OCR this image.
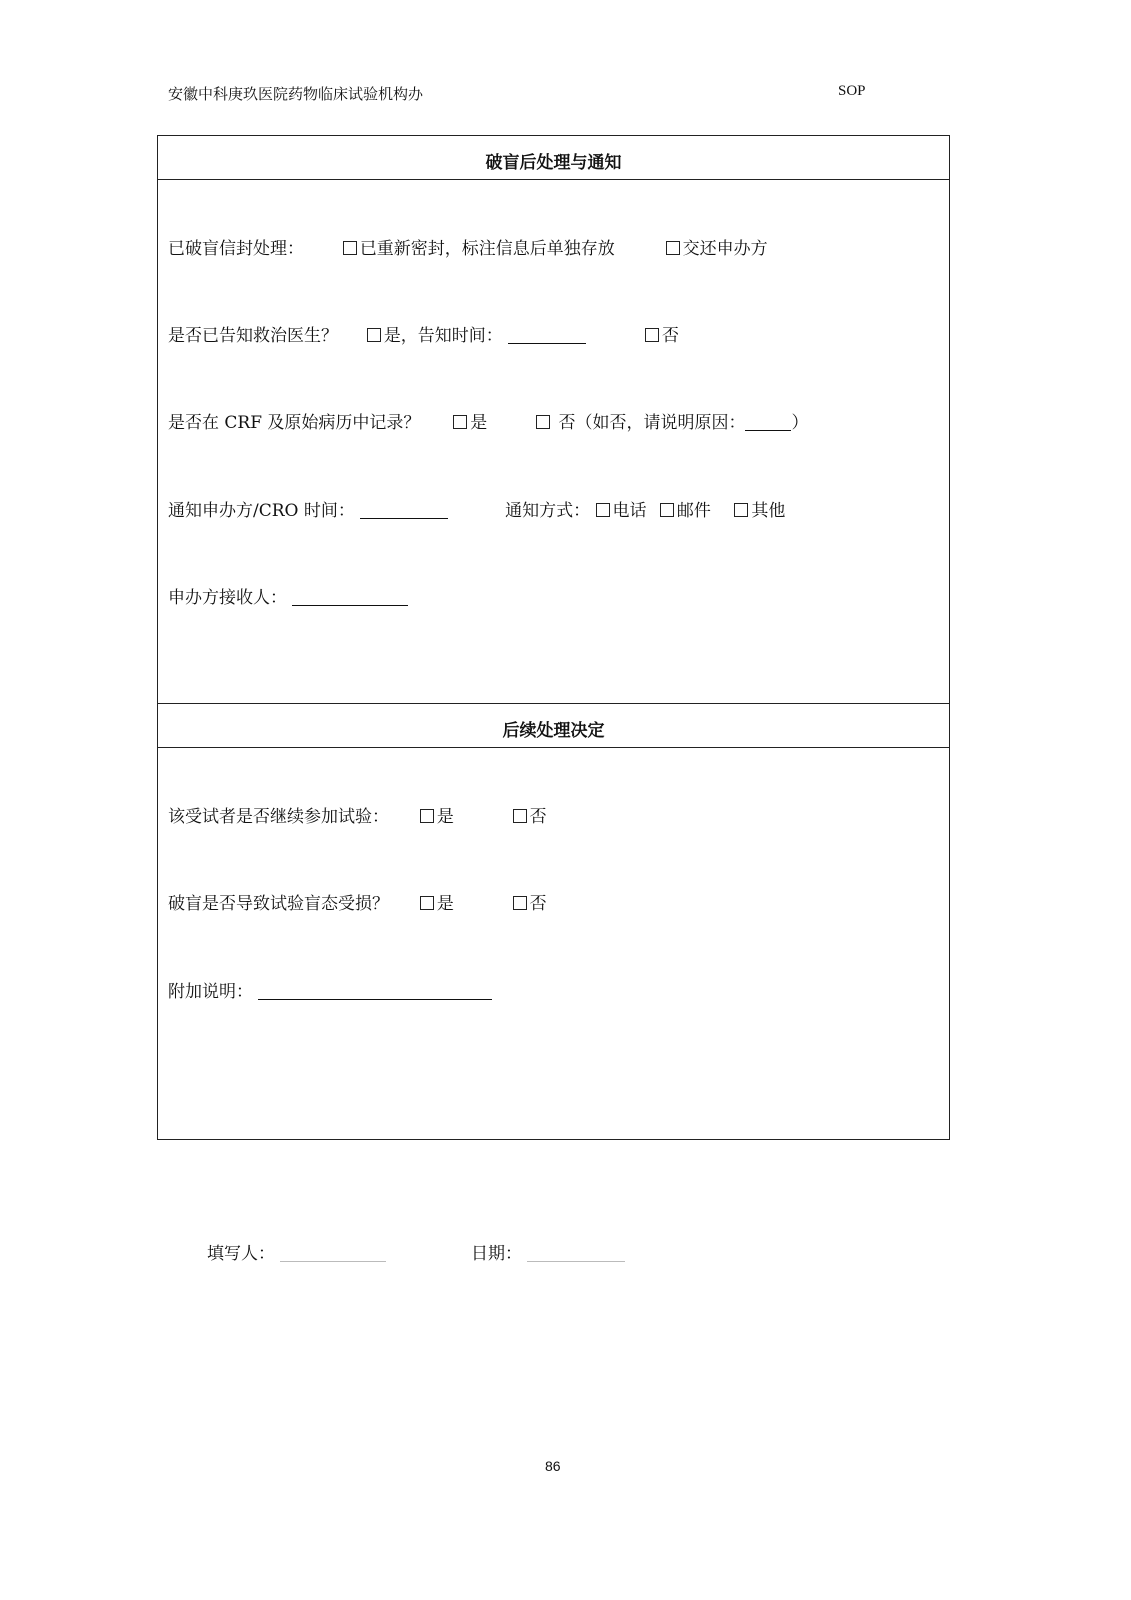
安徽中科庚玖医院药物临床试验机构办	SOP
破盲后处理与通知
后续处理决定
已破盲信封处理：	已重新密封，标注信息后单独存放	交还申办方
是否已告知救治医生？	是，告知时间：	否
是否在 CRF 及原始病历中记录？	是	否（如否，请说明原因：	）
通知申办方/CRO 时间：	通知方式： 电话 邮件 其他
申办方接收人：
该受试者是否继续参加试验：	是	否
破盲是否导致试验盲态受损？	是	否
附加说明：
填写人：	日期：
86
